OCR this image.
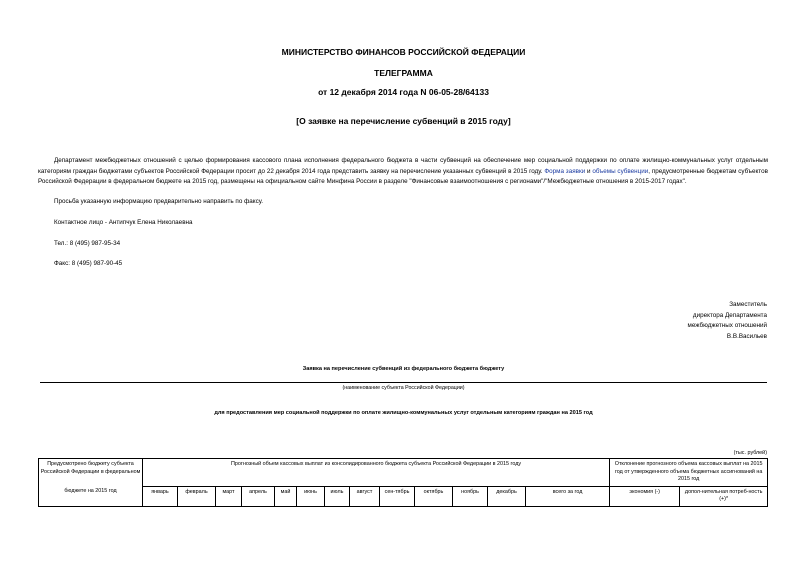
МИНИСТЕРСТВО ФИНАНСОВ РОССИЙСКОЙ ФЕДЕРАЦИИ
ТЕЛЕГРАММА
от 12 декабря 2014 года N 06-05-28/64133
[О заявке на перечисление субвенций в 2015 году]
Департамент межбюджетных отношений с целью формирования кассового плана исполнения федерального бюджета в части субвенций на обеспечение мер социальной поддержки по оплате жилищно-коммунальных услуг отдельным категориям граждан бюджетами субъектов Российской Федерации просит до 22 декабря 2014 года представить заявку на перечисление указанных субвенций в 2015 году. Форма заявки и объемы субвенции, предусмотренные бюджетам субъектов Российской Федерации в федеральном бюджете на 2015 год, размещены на официальном сайте Минфина России в разделе "Финансовые взаимоотношения с регионами"/"Межбюджетные отношения в 2015-2017 годах".
Просьба указанную информацию предварительно направить по факсу.
Контактное лицо - Антипчук Елена Николаевна
Тел.: 8 (495) 987-95-34
Факс: 8 (495) 987-90-45
Заместитель
директора Департамента
межбюджетных отношений
В.В.Васильев
Заявка на перечисление субвенций из федерального бюджета бюджету
(наименование субъекта Российской Федерации)
для предоставления мер социальной поддержки по оплате жилищно-коммунальных услуг отдельным категориям граждан на 2015 год
(тыс. рублей)
Предусмотрено бюджету субъекта Российской Федерации в федеральном	Прогнозный объем кассовых выплат из консолидированного бюджета субъекта Российской Федерации в 2015 году													Отклонение прогнозного объема кассовых выплат на 2015 год от утвержденного объема бюджетных ассигнований на 2015 год	
бюджете на 2015 год	январь	февраль	март	апрель	май	июнь	июль	август	сен-тябрь	октябрь	ноябрь	декабрь	всего за год	экономия (-)	допол-нительная потреб-ность (+)*
